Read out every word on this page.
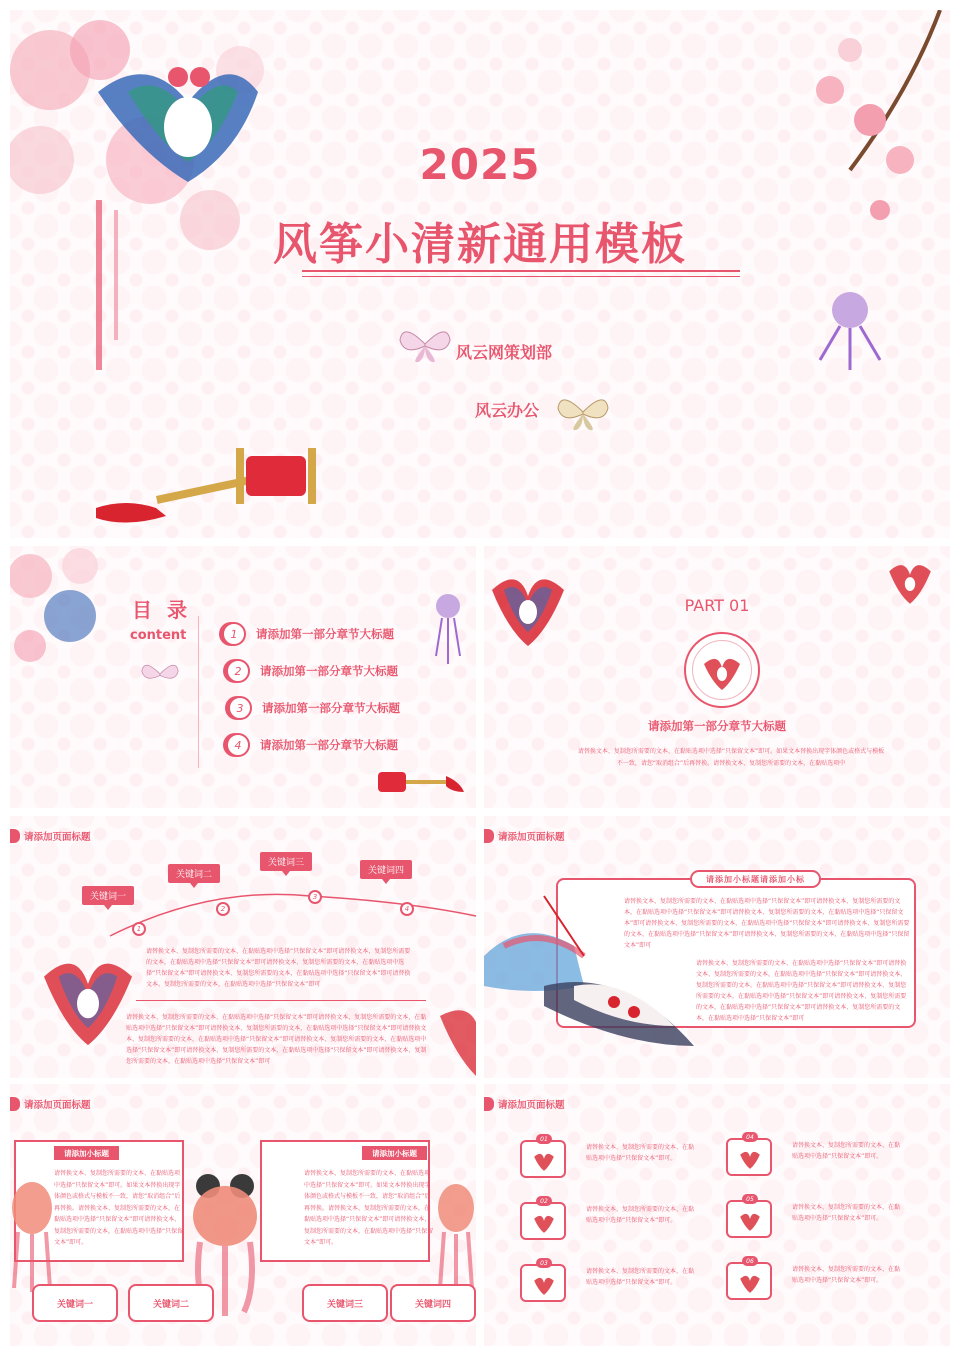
2025
风筝小清新通用模板
风云网策划部
风云办公
目 录
content	1	请添加第一部分章节大标题
2	请添加第一部分章节大标题
3	请添加第一部分章节大标题
4	请添加第一部分章节大标题
PART 01
请添加第一部分章节大标题
请替换文本、复制您所需要的文本、在黏贴选项中选择“只保留文本”即可。如果文本替换出现字体颜色或格式与模板不一致，请您“取消组合”后再替换。请替换文本、复制您所需要的文本，在黏贴选项中
请添加页面标题
关键词一
关键词二
关键词三
关键词四
1
2
3
4
请替换文本、复制您所需要的文本、在黏贴选项中选择“只保留文本”即可请替换文本、复制您所需要的文本，在黏贴选项中选择“只保留文本”即可请替换文本、复制您所需要的文本，在黏贴选项中选择“只保留文本”即可请替换文本、复制您所需要的文本，在黏贴选项中选择“只保留文本”即可请替换文本、复制您所需要的文本，在黏贴选项中选择“只保留文本”即可
请替换文本、复制您所需要的文本、在黏贴选项中选择“只保留文本”即可请替换文本、复制您所需要的文本，在黏贴选项中选择“只保留文本”即可请替换文本、复制您所需要的文本，在黏贴选项中选择“只保留文本”即可请替换文本、复制您所需要的文本，在黏贴选项中选择“只保留文本”即可请替换文本、复制您所需要的文本，在黏贴选项中选择“只保留文本”即可请替换文本、复制您所需要的文本，在黏贴选项中选择“只保留文本”即可请替换文本、复制您所需要的文本，在黏贴选项中选择“只保留文本”即可
请添加页面标题
请添加小标题请添加小标
请替换文本、复制您所需要的文本、在黏贴选项中选择“只保留文本”即可请替换文本、复制您所需要的文本，在黏贴选项中选择“只保留文本”即可请替换文本、复制您所需要的文本，在黏贴选项中选择“只保留文本”即可请替换文本、复制您所需要的文本，在黏贴选项中选择“只保留文本”即可请替换文本、复制您所需要的文本，在黏贴选项中选择“只保留文本”即可请替换文本、复制您所需要的文本，在黏贴选项中选择“只保留文本”即可
请替换文本、复制您所需要的文本、在黏贴选项中选择“只保留文本”即可请替换文本、复制您所需要的文本，在黏贴选项中选择“只保留文本”即可请替换文本、复制您所需要的文本，在黏贴选项中选择“只保留文本”即可请替换文本、复制您所需要的文本，在黏贴选项中选择“只保留文本”即可请替换文本、复制您所需要的文本，在黏贴选项中选择“只保留文本”即可请替换文本、复制您所需要的文本，在黏贴选项中选择“只保留文本”即可
请添加页面标题
请添加小标题	请添加小标题
请替换文本、复制您所需要的文本、在黏贴选项中选择“只保留文本”即可。如果文本替换出现字体颜色或格式与模板不一致，请您“取消组合”后再替换。请替换文本、复制您所需要的文本，在黏贴选项中选择“只保留文本”即可请替换文本、复制您所需要的文本，在黏贴选项中选择“只保留文本”即可。
请替换文本、复制您所需要的文本、在黏贴选项中选择“只保留文本”即可。如果文本替换出现字体颜色或格式与模板不一致，请您“取消组合”后再替换。请替换文本、复制您所需要的文本，在黏贴选项中选择“只保留文本”即可请替换文本、复制您所需要的文本，在黏贴选项中选择“只保留文本”即可。
关键词一	关键词二	关键词三	关键词四
请添加页面标题
01
请替换文本、复制您所需要的文本、在黏贴选项中选择“只保留文本”即可。
02
请替换文本、复制您所需要的文本、在黏贴选项中选择“只保留文本”即可。
03
请替换文本、复制您所需要的文本、在黏贴选项中选择“只保留文本”即可。
04
请替换文本、复制您所需要的文本、在黏贴选项中选择“只保留文本”即可。
05
请替换文本、复制您所需要的文本、在黏贴选项中选择“只保留文本”即可。
06
请替换文本、复制您所需要的文本、在黏贴选项中选择“只保留文本”即可。
